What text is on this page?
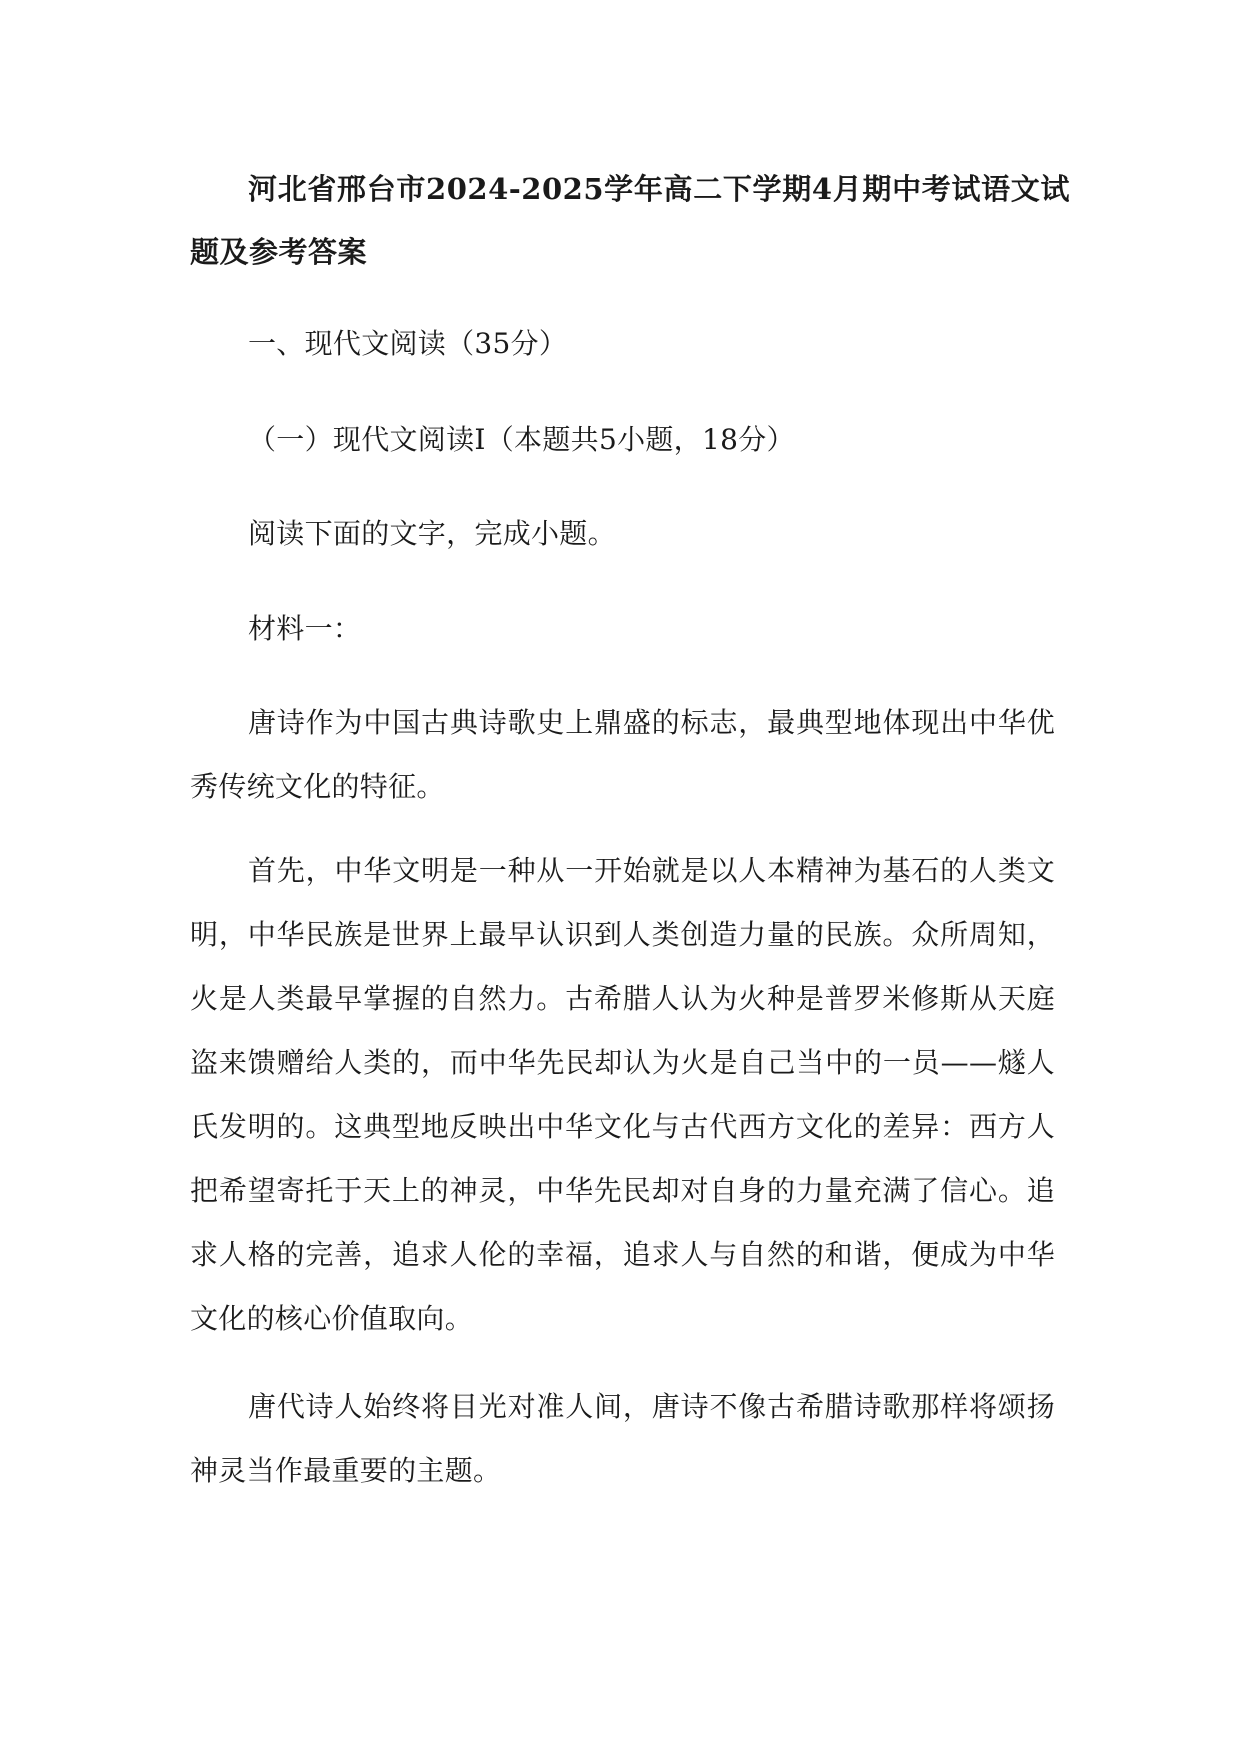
河北省邢台市2024-2025学年高二下学期4月期中考试语文试题及参考答案

一、现代文阅读（35分）

（一）现代文阅读Ⅰ（本题共5小题，18分）

阅读下面的文字，完成小题。

材料一：

唐诗作为中国古典诗歌史上鼎盛的标志，最典型地体现出中华优秀传统文化的特征。

首先，中华文明是一种从一开始就是以人本精神为基石的人类文明，中华民族是世界上最早认识到人类创造力量的民族。众所周知，火是人类最早掌握的自然力。古希腊人认为火种是普罗米修斯从天庭盗来馈赠给人类的，而中华先民却认为火是自己当中的一员——燧人氏发明的。这典型地反映出中华文化与古代西方文化的差异：西方人把希望寄托于天上的神灵，中华先民却对自身的力量充满了信心。追求人格的完善，追求人伦的幸福，追求人与自然的和谐，便成为中华文化的核心价值取向。

唐代诗人始终将目光对准人间，唐诗不像古希腊诗歌那样将颂扬神灵当作最重要的主题。
